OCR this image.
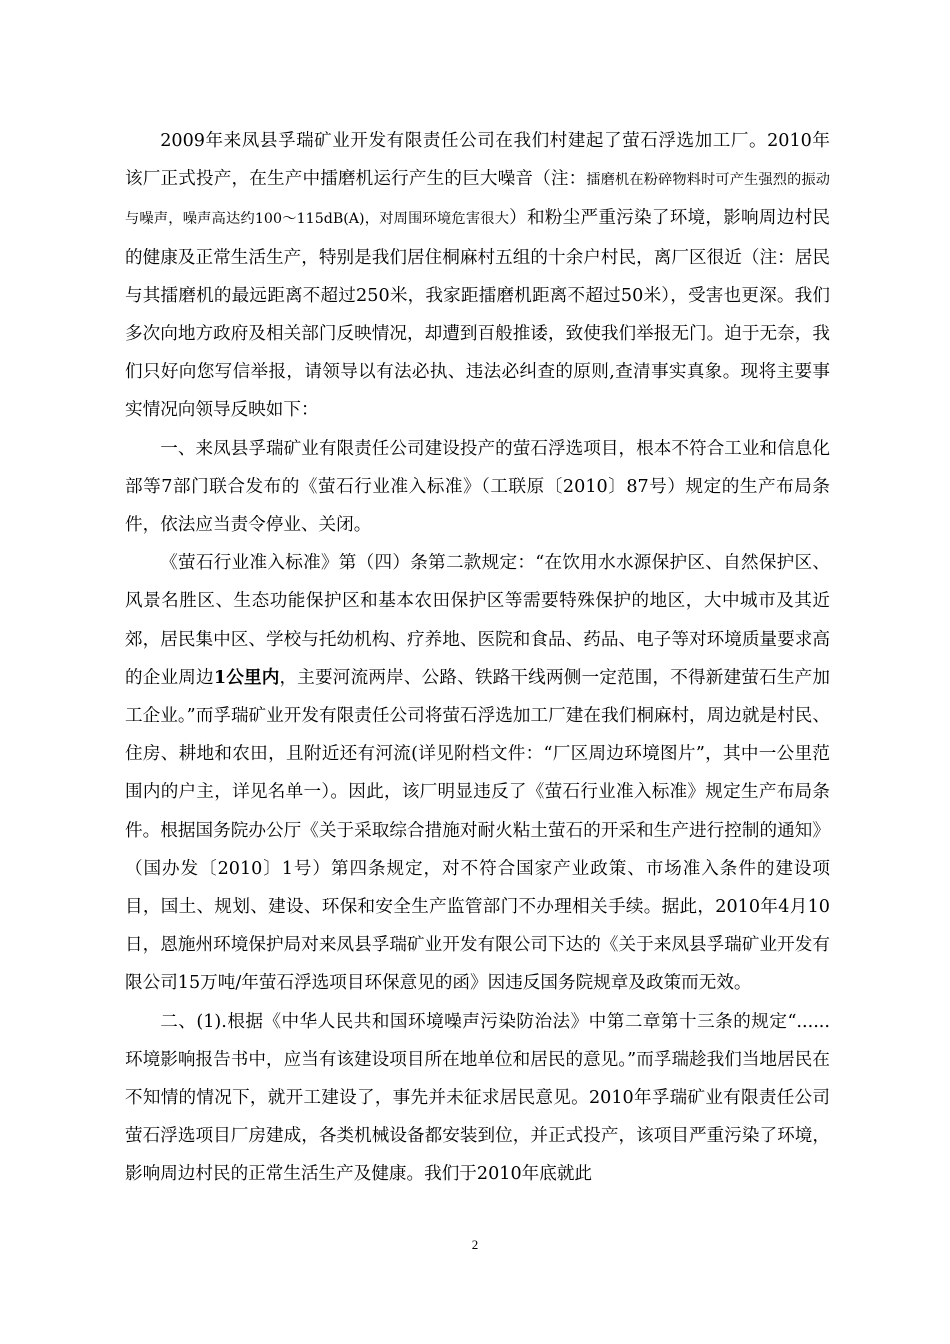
2009年来凤县孚瑞矿业开发有限责任公司在我们村建起了萤石浮选加工厂。2010年该厂正式投产，在生产中擂磨机运行产生的巨大噪音（注：擂磨机在粉碎物料时可产生强烈的振动与噪声，噪声高达约100～115dB(A)，对周围环境危害很大）和粉尘严重污染了环境，影响周边村民的健康及正常生活生产，特别是我们居住桐麻村五组的十余户村民，离厂区很近（注：居民与其擂磨机的最远距离不超过250米，我家距擂磨机距离不超过50米），受害也更深。我们多次向地方政府及相关部门反映情况，却遭到百般推诿，致使我们举报无门。迫于无奈，我们只好向您写信举报，请领导以有法必执、违法必纠查的原则,查清事实真象。现将主要事实情况向领导反映如下：

一、来凤县孚瑞矿业有限责任公司建设投产的萤石浮选项目，根本不符合工业和信息化部等7部门联合发布的《萤石行业准入标准》（工联原〔2010〕87号）规定的生产布局条件，依法应当责令停业、关闭。

《萤石行业准入标准》第（四）条第二款规定：“在饮用水水源保护区、自然保护区、风景名胜区、生态功能保护区和基本农田保护区等需要特殊保护的地区，大中城市及其近郊，居民集中区、学校与托幼机构、疗养地、医院和食品、药品、电子等对环境质量要求高的企业周边1公里内，主要河流两岸、公路、铁路干线两侧一定范围，不得新建萤石生产加工企业。”而孚瑞矿业开发有限责任公司将萤石浮选加工厂建在我们桐麻村，周边就是村民、住房、耕地和农田，且附近还有河流(详见附档文件：“厂区周边环境图片”，其中一公里范围内的户主，详见名单一）。因此，该厂明显违反了《萤石行业准入标准》规定生产布局条件。根据国务院办公厅《关于采取综合措施对耐火粘土萤石的开采和生产进行控制的通知》（国办发〔2010〕1号）第四条规定，对不符合国家产业政策、市场准入条件的建设项目，国土、规划、建设、环保和安全生产监管部门不办理相关手续。据此，2010年4月10日，恩施州环境保护局对来凤县孚瑞矿业开发有限公司下达的《关于来凤县孚瑞矿业开发有限公司15万吨/年萤石浮选项目环保意见的函》因违反国务院规章及政策而无效。

二、(1).根据《中华人民共和国环境噪声污染防治法》中第二章第十三条的规定“......环境影响报告书中，应当有该建设项目所在地单位和居民的意见。”而孚瑞趁我们当地居民在不知情的情况下，就开工建设了，事先并未征求居民意见。2010年孚瑞矿业有限责任公司萤石浮选项目厂房建成，各类机械设备都安装到位，并正式投产，该项目严重污染了环境，影响周边村民的正常生活生产及健康。我们于2010年底就此

2
